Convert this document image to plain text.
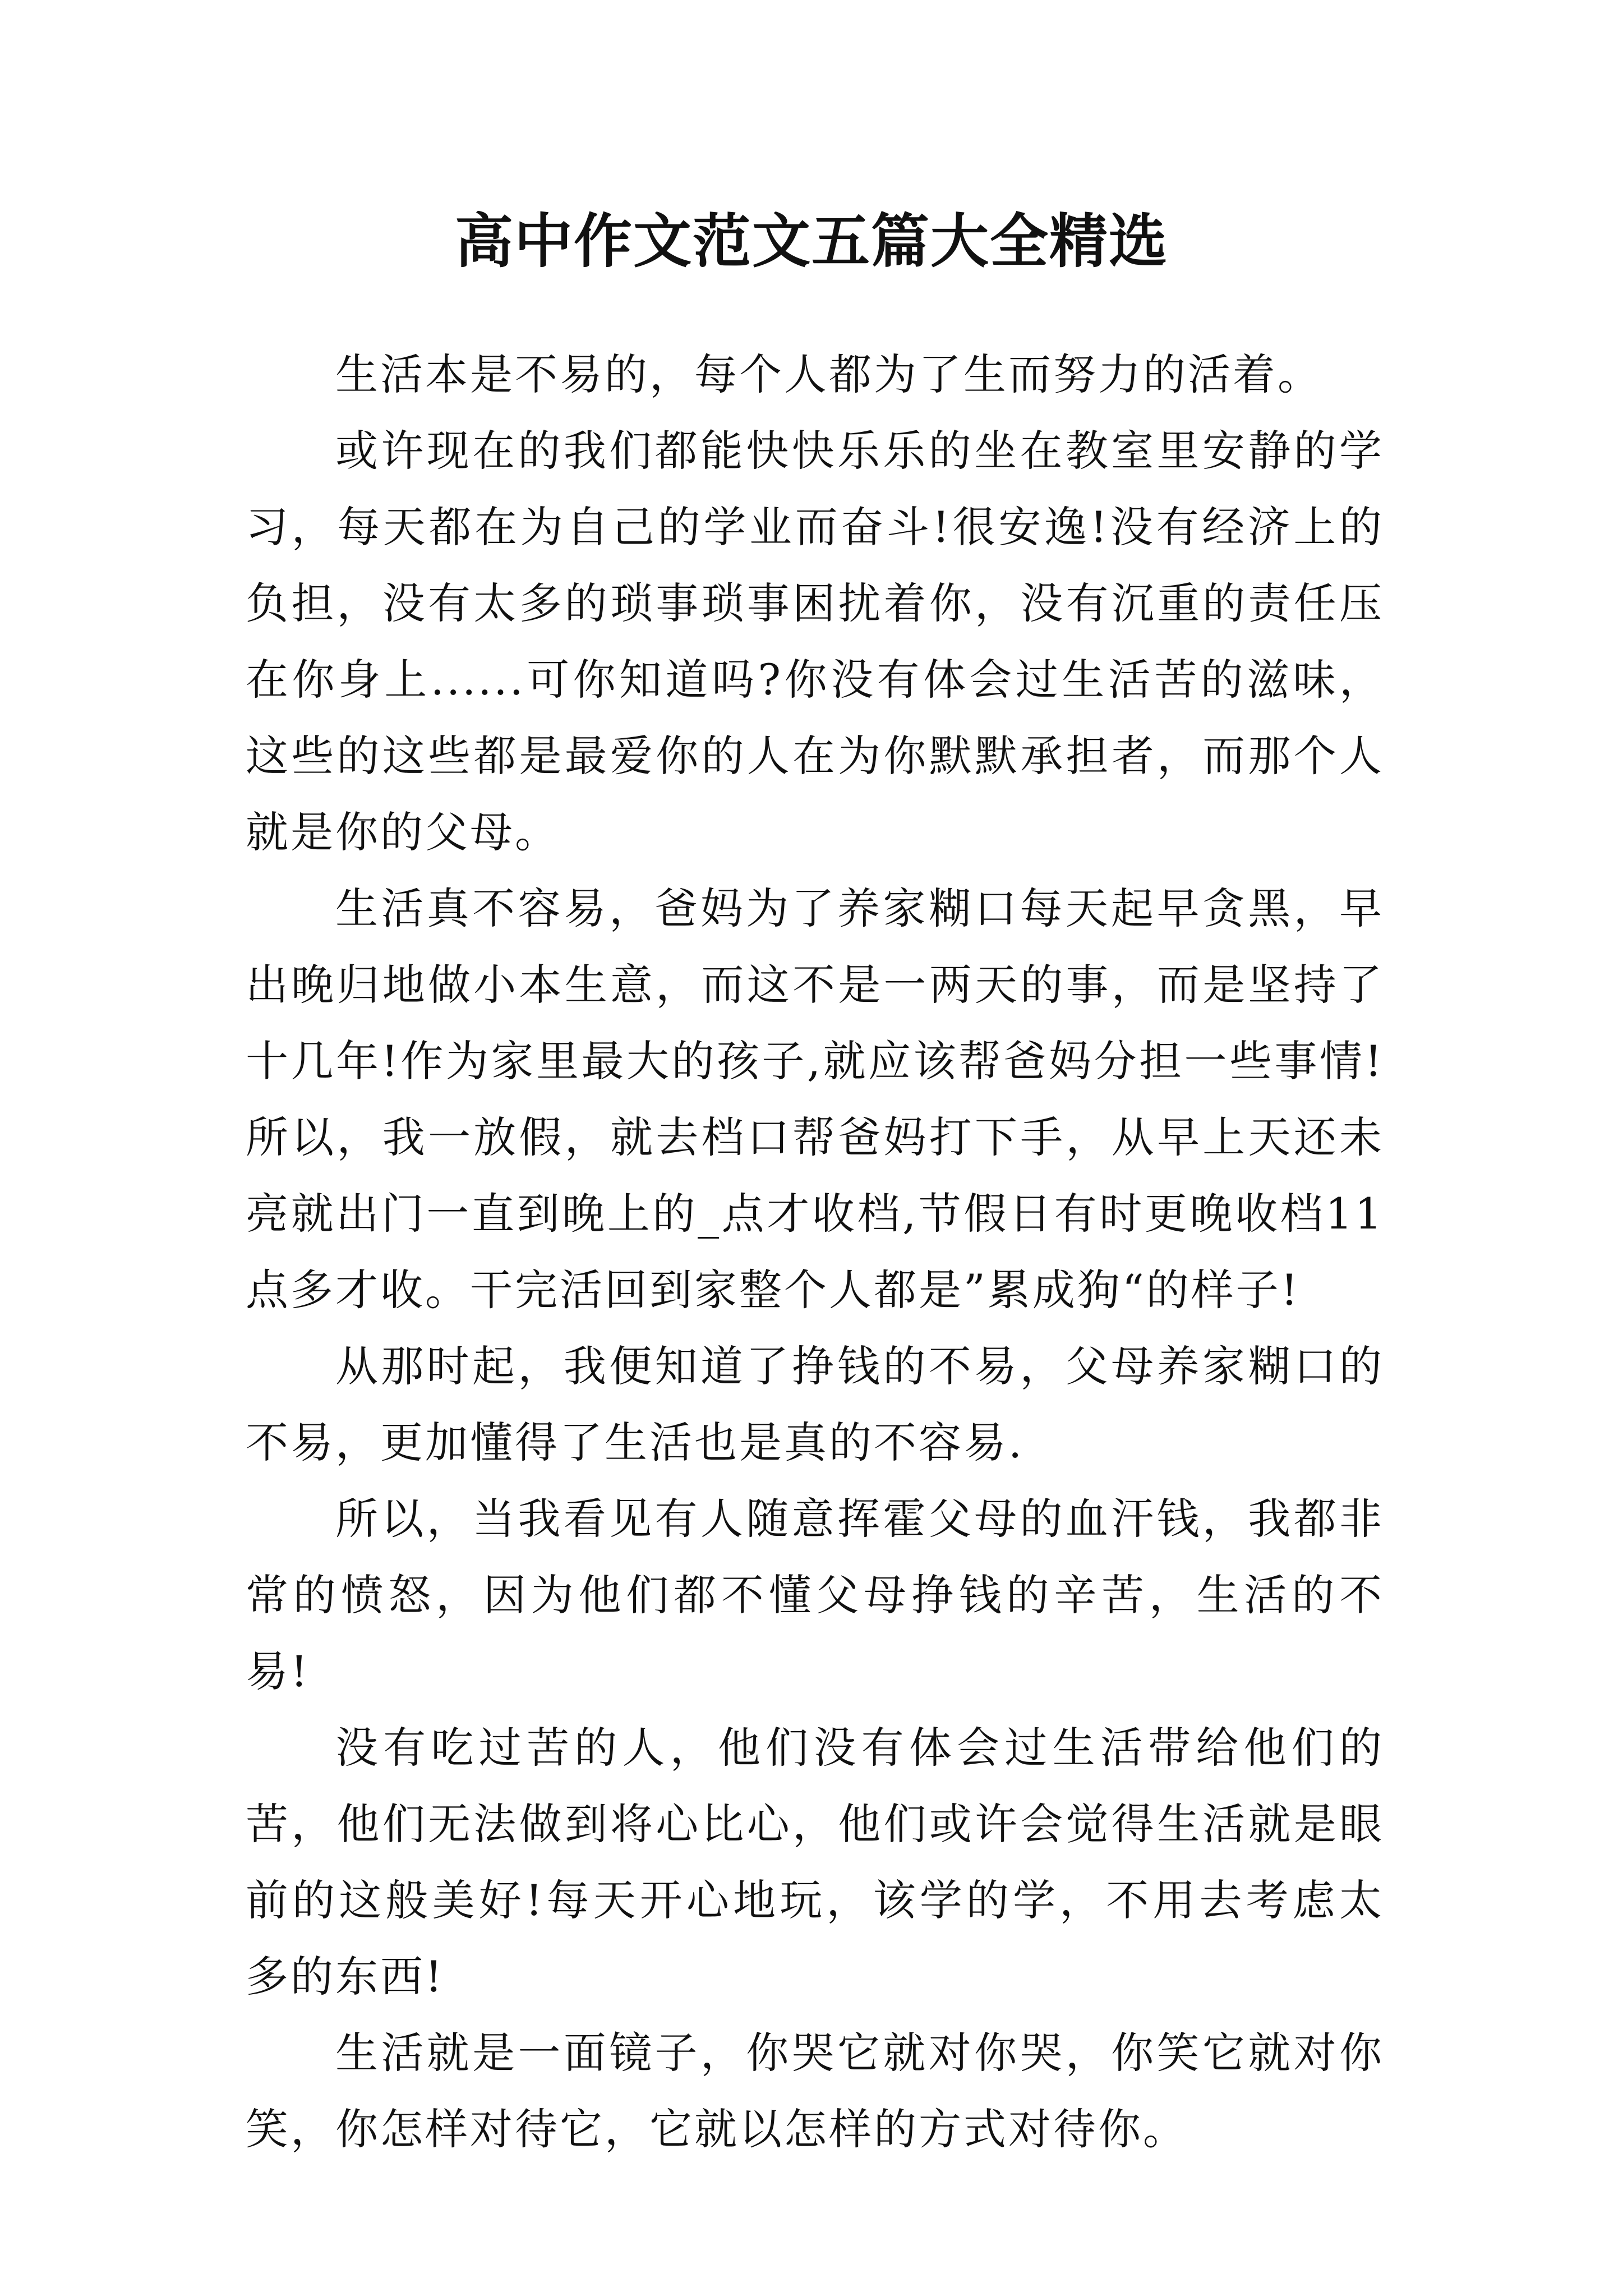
高中作文范文五篇大全精选

生活本是不易的，每个人都为了生而努力的活着。

或许现在的我们都能快快乐乐的坐在教室里安静的学习，每天都在为自己的学业而奋斗!很安逸!没有经济上的负担，没有太多的琐事琐事困扰着你，没有沉重的责任压在你身上......可你知道吗?你没有体会过生活苦的滋味，这些的这些都是最爱你的人在为你默默承担者，而那个人就是你的父母。

生活真不容易，爸妈为了养家糊口每天起早贪黑，早出晚归地做小本生意，而这不是一两天的事，而是坚持了十几年!作为家里最大的孩子,就应该帮爸妈分担一些事情!所以，我一放假，就去档口帮爸妈打下手，从早上天还未亮就出门一直到晚上的_点才收档,节假日有时更晚收档11点多才收。干完活回到家整个人都是”累成狗“的样子!

从那时起，我便知道了挣钱的不易，父母养家糊口的不易，更加懂得了生活也是真的不容易.

所以，当我看见有人随意挥霍父母的血汗钱，我都非常的愤怒，因为他们都不懂父母挣钱的辛苦，生活的不易!

没有吃过苦的人，他们没有体会过生活带给他们的苦，他们无法做到将心比心，他们或许会觉得生活就是眼前的这般美好!每天开心地玩，该学的学，不用去考虑太多的东西!

生活就是一面镜子，你哭它就对你哭，你笑它就对你笑，你怎样对待它，它就以怎样的方式对待你。
